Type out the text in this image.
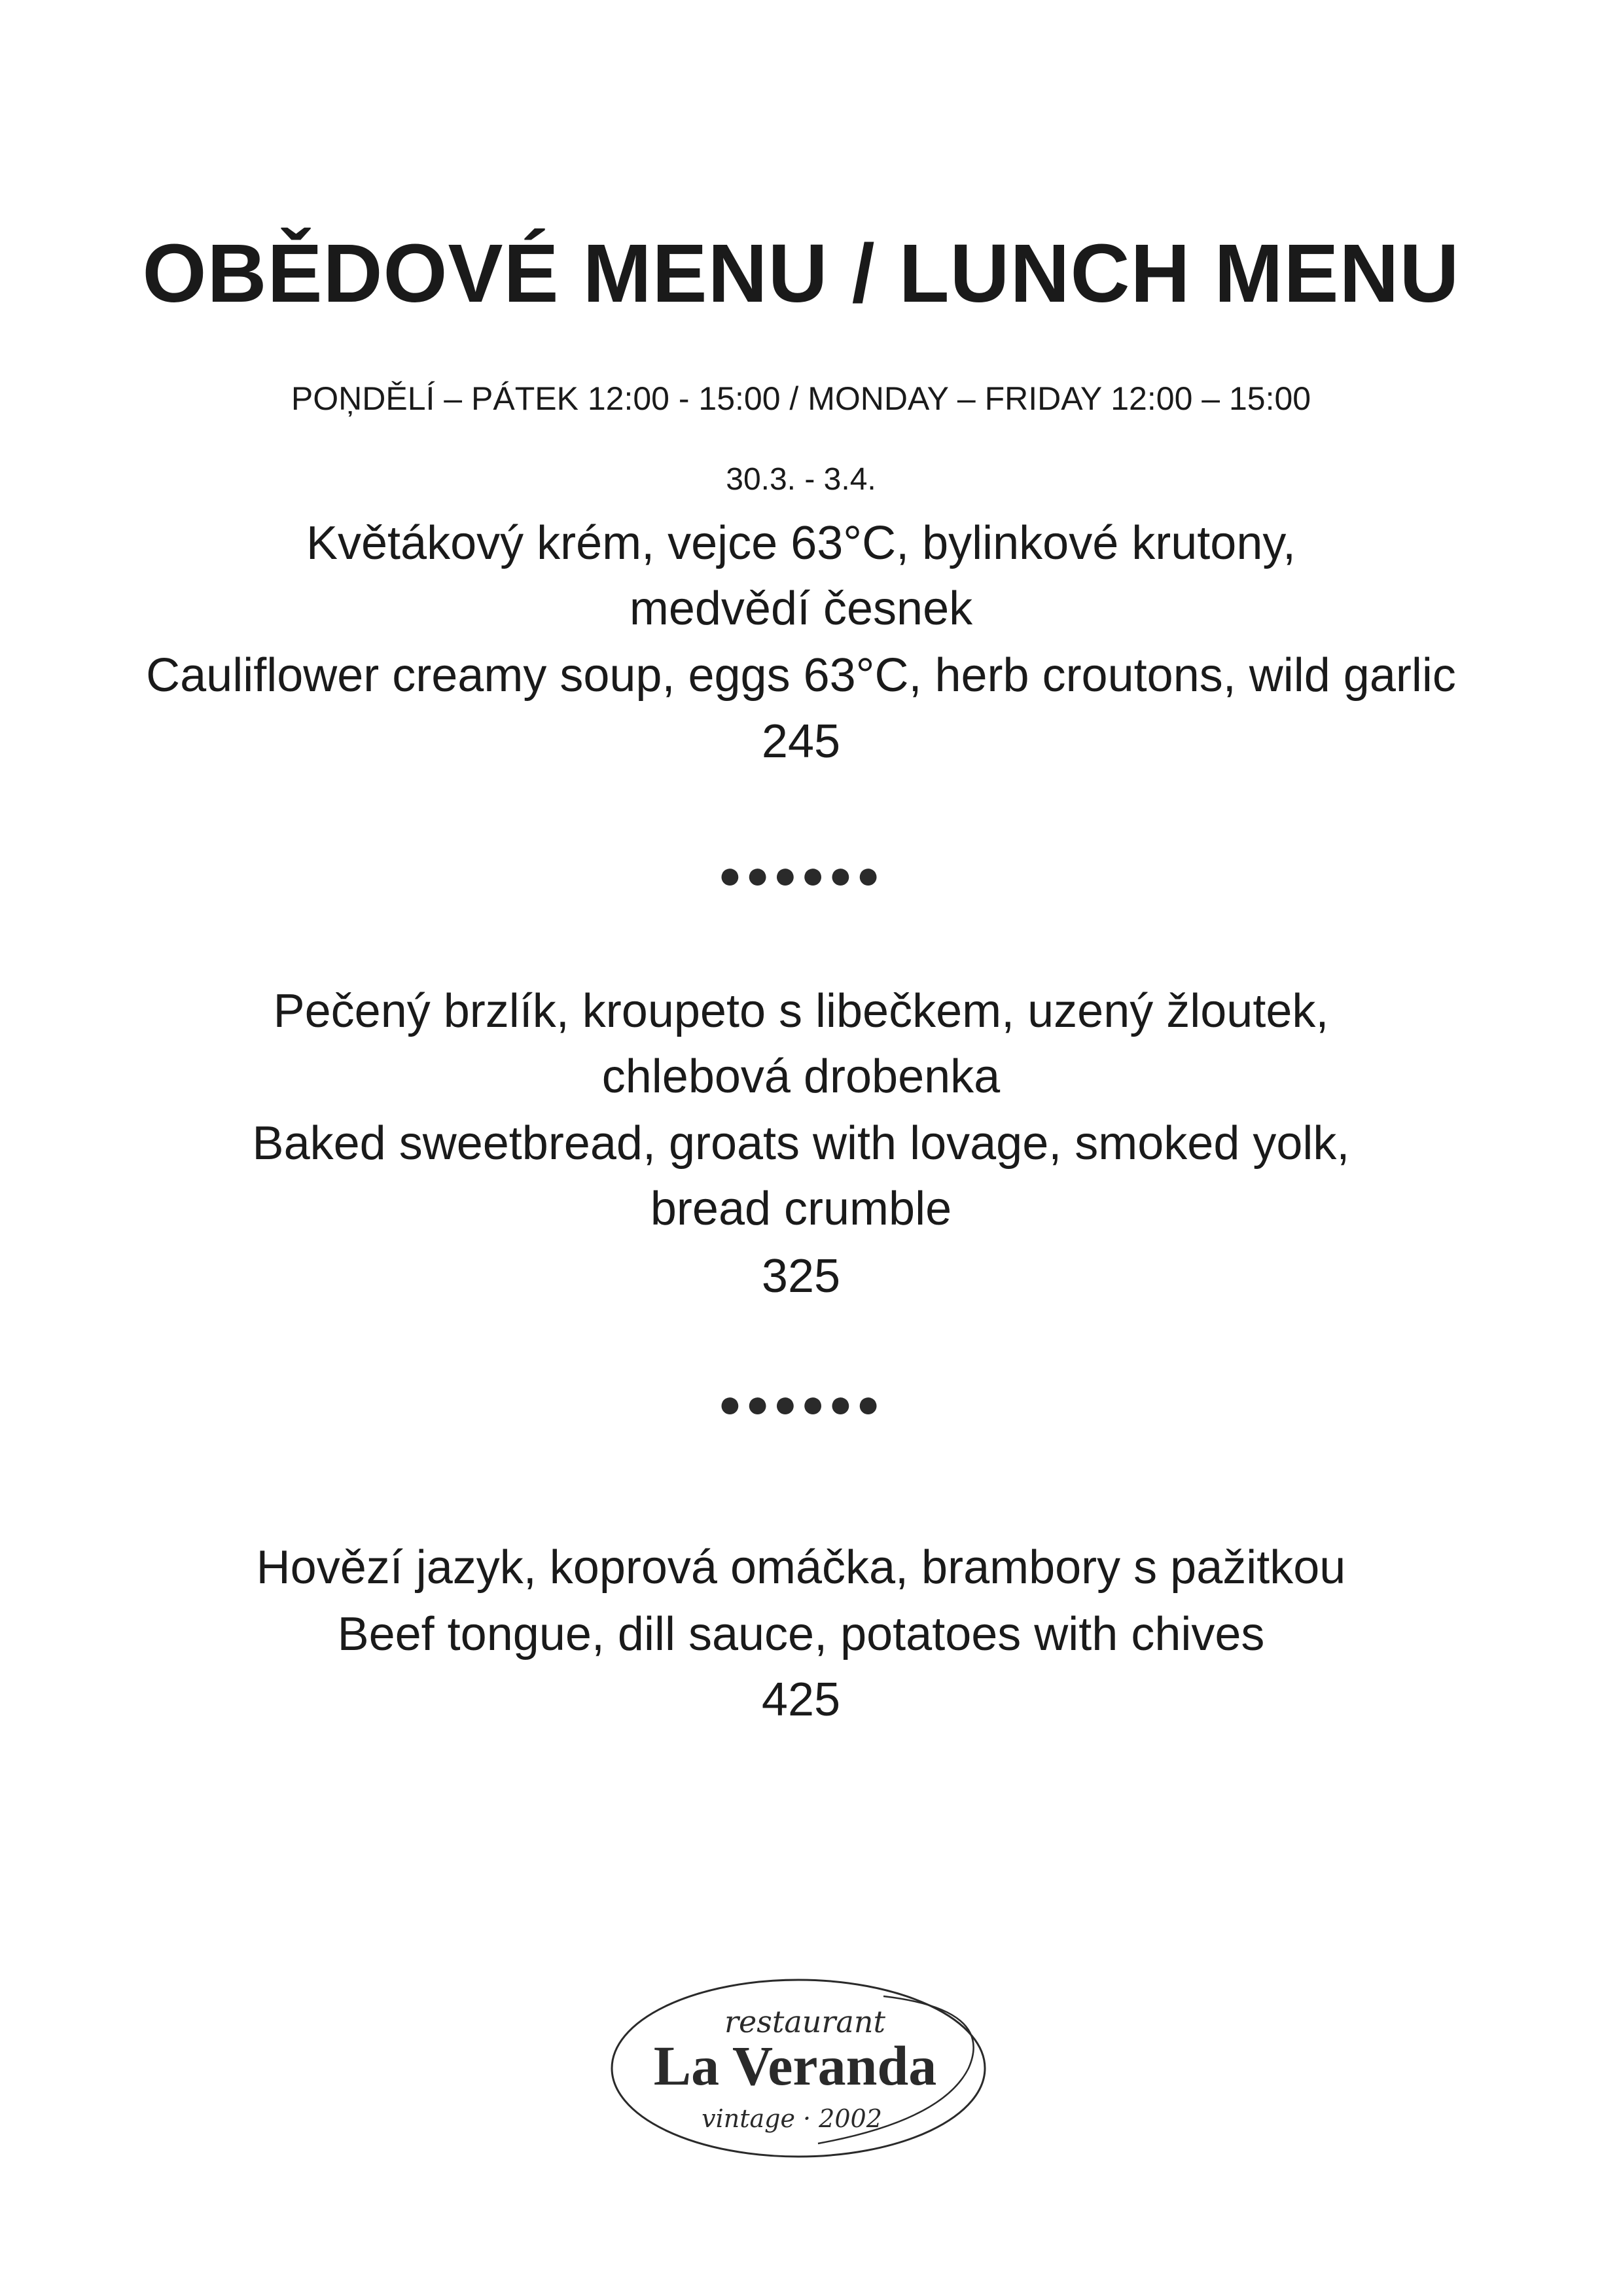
OBĚDOVÉ MENU / LUNCH MENU
POŅDĚLÍ – PÁTEK 12:00 - 15:00 / MONDAY – FRIDAY 12:00 – 15:00
30.3. - 3.4.
Květákový krém, vejce 63°C, bylinkové krutony,
medvědí česnek
Cauliflower creamy soup, eggs 63°C, herb croutons, wild garlic
245
●●●●●●
Pečený brzlík, kroupeto s libečkem, uzený žloutek,
chlebová drobenka
Baked sweetbread, groats with lovage, smoked yolk,
bread crumble
325
●●●●●●
Hovězí jazyk, koprová omáčka, brambory s pažitkou
Beef tongue, dill sauce, potatoes with chives
425
restaurant
La Veranda
vintage · 2002
